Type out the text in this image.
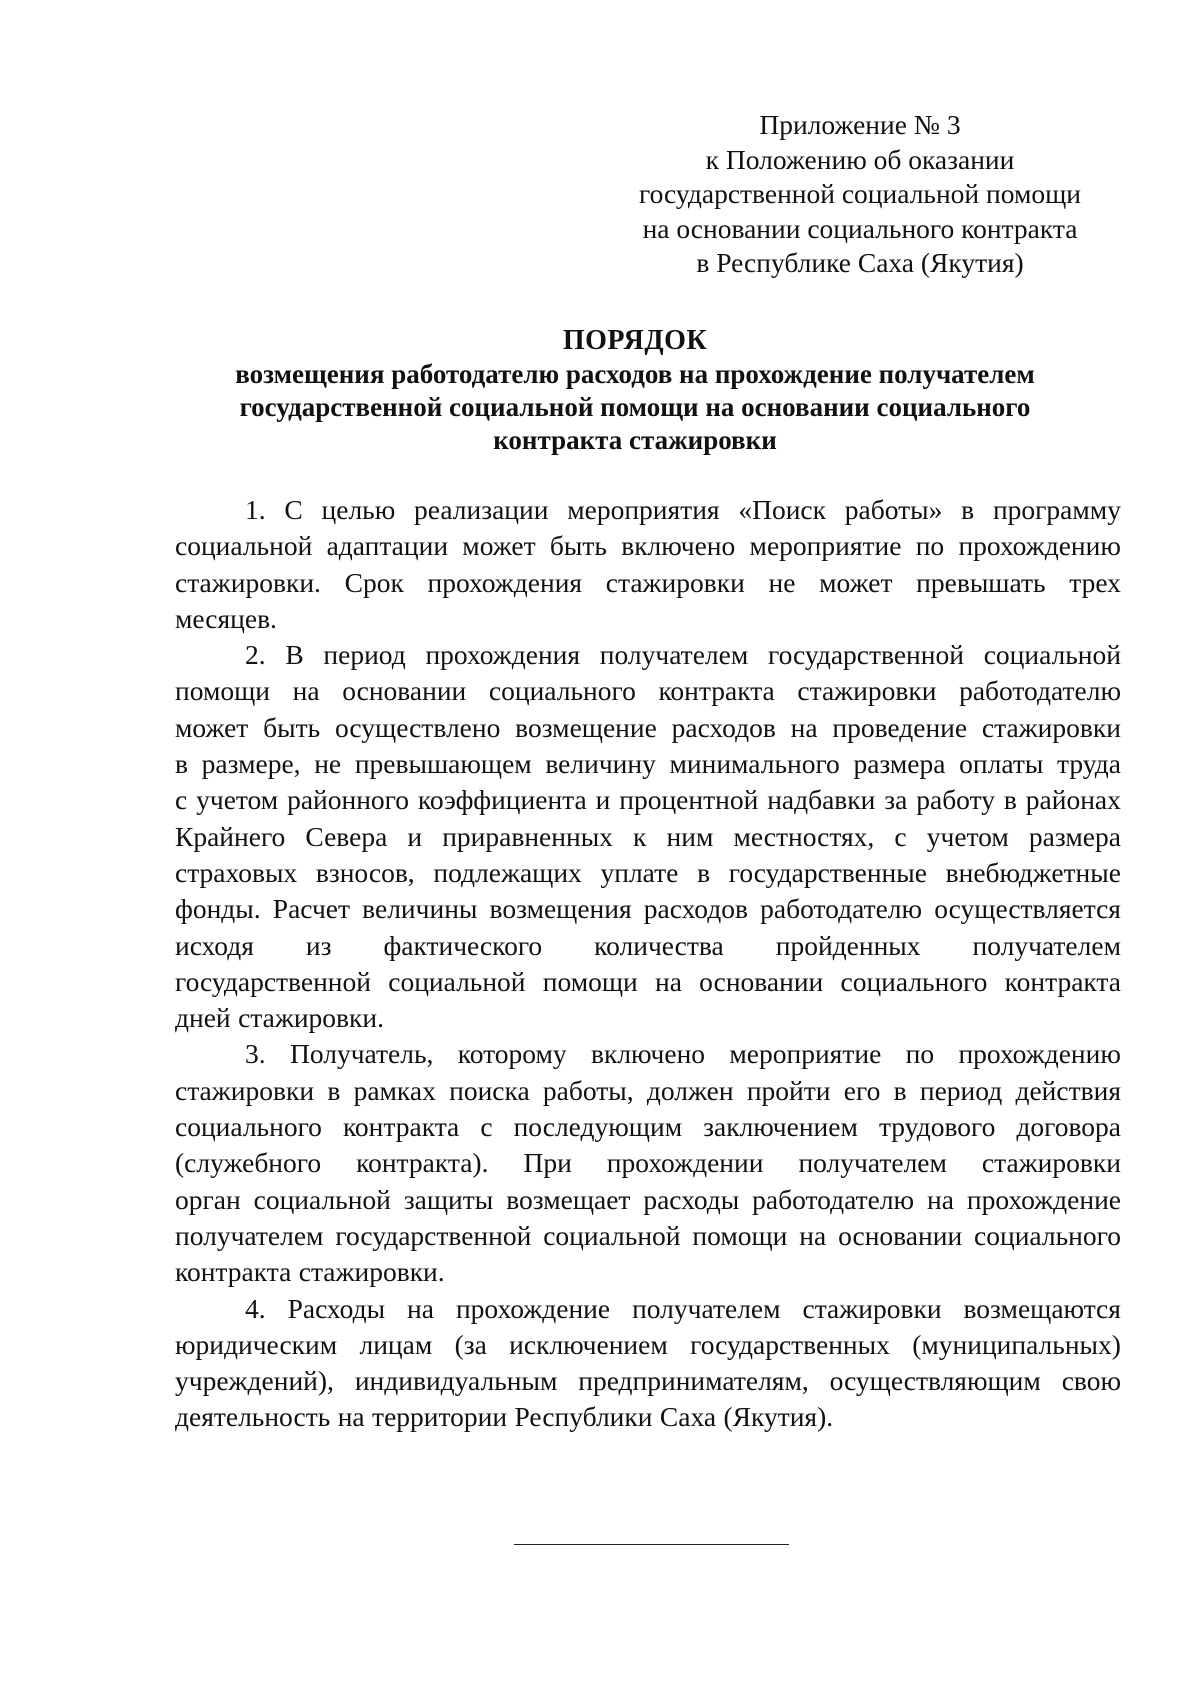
Приложение № 3
к Положению об оказании
государственной социальной помощи
на основании социального контракта
в Республике Саха (Якутия)
ПОРЯДОК
возмещения работодателю расходов на прохождение получателем
государственной социальной помощи на основании социального
контракта стажировки
1. С целью реализации мероприятия «Поиск работы» в программу
социальной адаптации может быть включено мероприятие по прохождению
стажировки. Срок прохождения стажировки не может превышать трех
месяцев.
2. В период прохождения получателем государственной социальной
помощи на основании социального контракта стажировки работодателю
может быть осуществлено возмещение расходов на проведение стажировки
в размере, не превышающем величину минимального размера оплаты труда
с учетом районного коэффициента и процентной надбавки за работу в районах
Крайнего Севера и приравненных к ним местностях, с учетом размера
страховых взносов, подлежащих уплате в государственные внебюджетные
фонды. Расчет величины возмещения расходов работодателю осуществляется
исходя из фактического количества пройденных получателем
государственной социальной помощи на основании социального контракта
дней стажировки.
3. Получатель, которому включено мероприятие по прохождению
стажировки в рамках поиска работы, должен пройти его в период действия
социального контракта с последующим заключением трудового договора
(служебного контракта). При прохождении получателем стажировки
орган социальной защиты возмещает расходы работодателю на прохождение
получателем государственной социальной помощи на основании социального
контракта стажировки.
4. Расходы на прохождение получателем стажировки возмещаются
юридическим лицам (за исключением государственных (муниципальных)
учреждений), индивидуальным предпринимателям, осуществляющим свою
деятельность на территории Республики Саха (Якутия).
